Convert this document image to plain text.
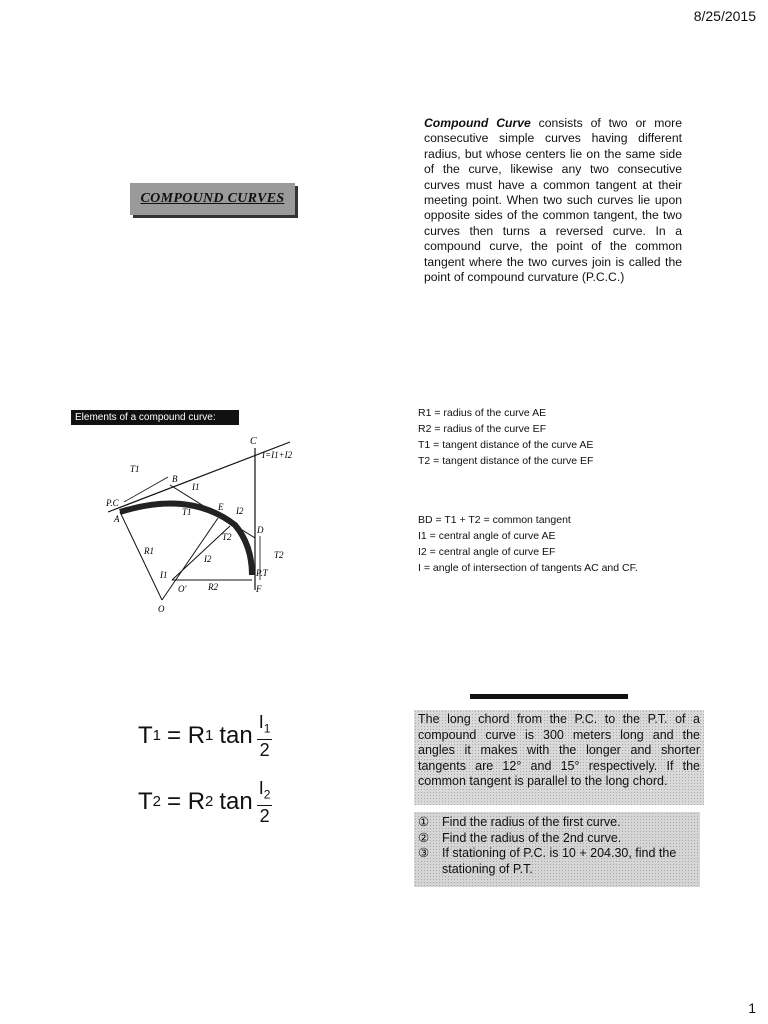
8/25/2015
COMPOUND CURVES
Compound Curve consists of two or more consecutive simple curves having different radius, but whose centers lie on the same side of the curve, likewise any two consecutive curves must have a common tangent at their meeting point. When two such curves lie upon opposite sides of the common tangent, the two curves then turns a reversed curve. In a compound curve, the point of the common tangent where the two curves join is called the point of compound curvature (P.C.C.)
Elements of a compound curve:
C
I=I1+I2
B
T1
I1
E I2
T1
T2
D
T2
P.C
A
R1
I2
I1
O' R2
P.T
F
O
R1 = radius of the curve AE
R2 = radius of the curve EF
T1 = tangent distance of the curve AE
T2 = tangent distance of the curve EF
BD = T1 + T2 = common tangent
I1 = central angle of curve AE
I2 = central angle of curve EF
I = angle of intersection of tangents AC and CF.
T 1 = R 1 $\tan \frac{I_1}{2}$
T 2 = R 2 $\tan \frac{I_2}{2}$
The long chord from the P.C. to the P.T. of a compound curve is 300 meters long and the angles it makes with the longer and shorter tangents are 12° and 15° respectively. If the common tangent is parallel to the long chord.
①	Find the radius of the first curve.
②	Find the radius of the 2nd curve.
③	If stationing of P.C. is 10 + 204.30, find the stationing of P.T.
1
